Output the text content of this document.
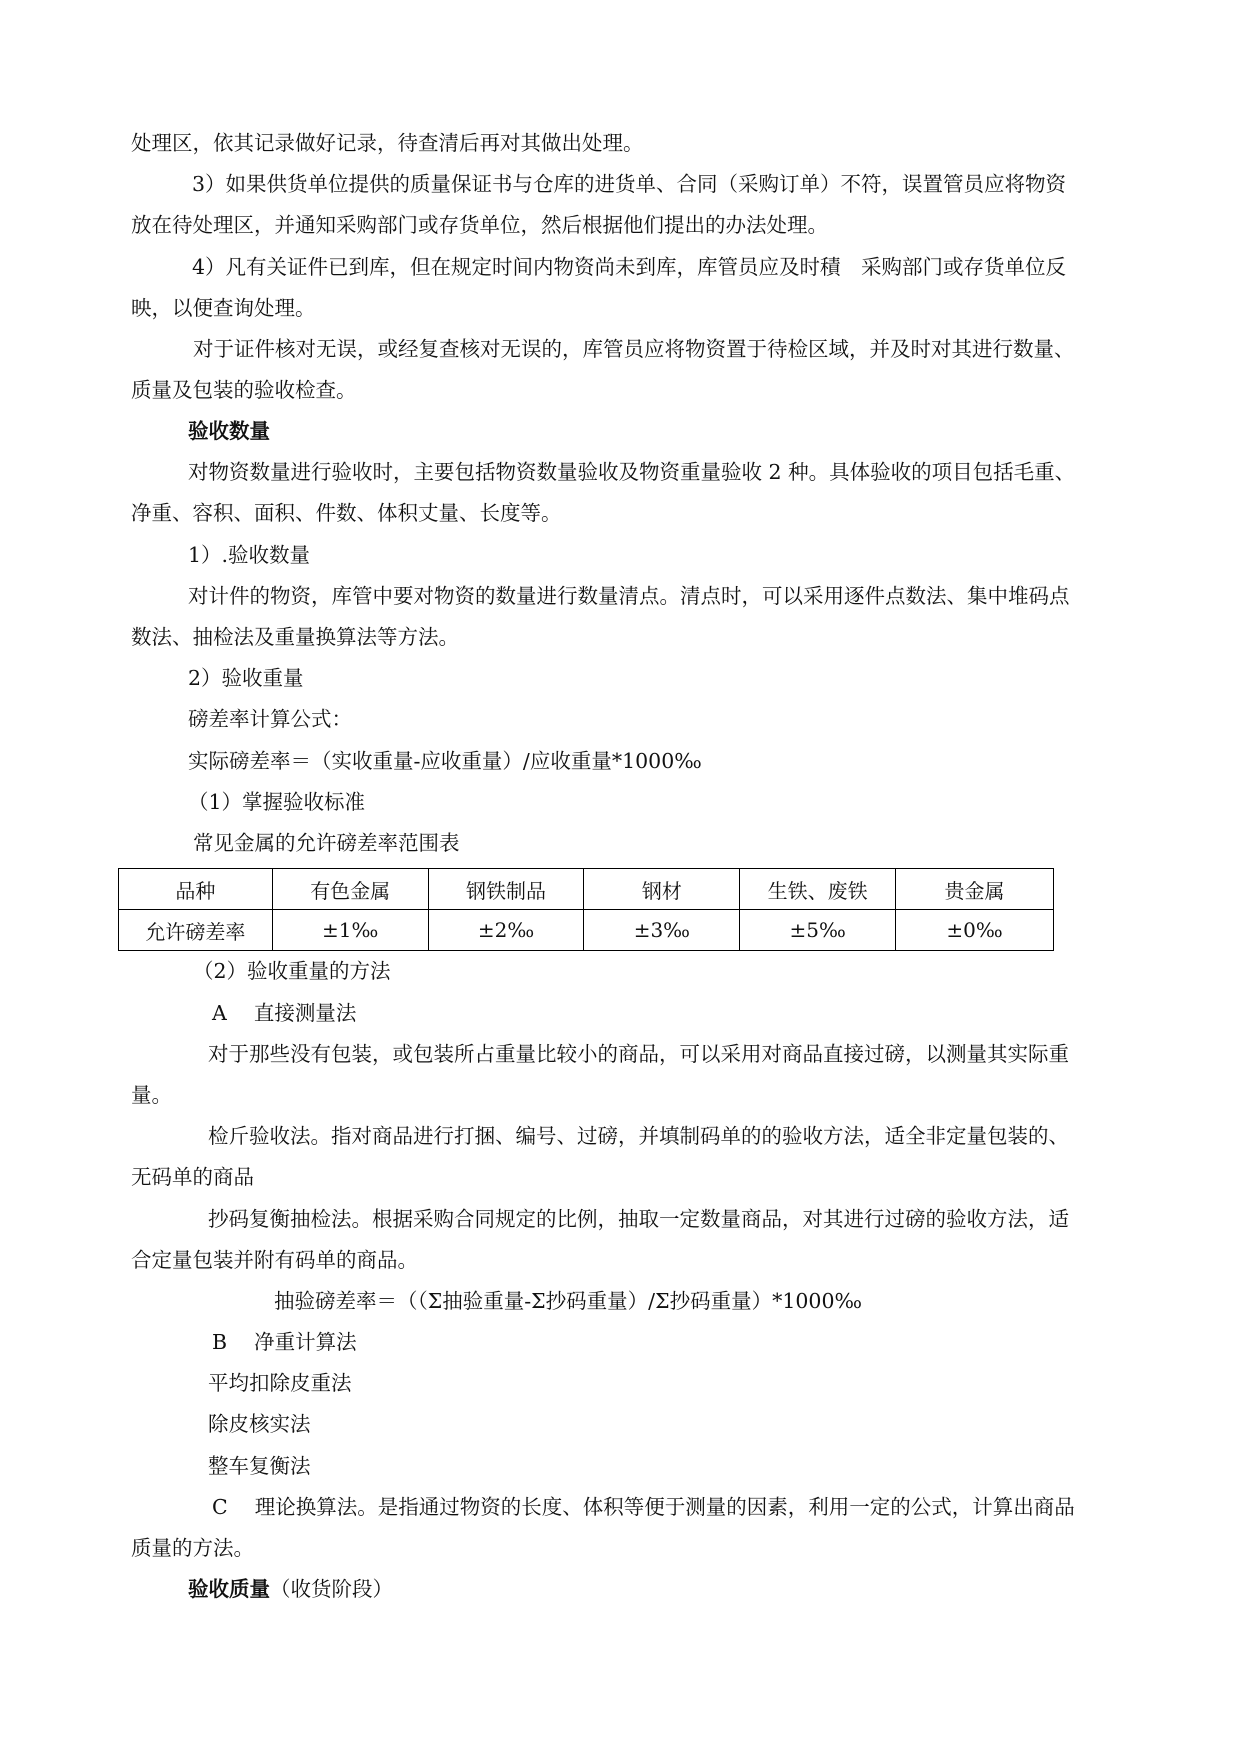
处理区，依其记录做好记录，待查清后再对其做出处理。
3）如果供货单位提供的质量保证书与仓库的进货单、合同（采购订单）不符，误置管员应将物资
放在待处理区，并通知采购部门或存货单位，然后根据他们提出的办法处理。
4）凡有关证件已到库，但在规定时间内物资尚未到库，库管员应及时積　采购部门或存货单位反
映，以便查询处理。
对于证件核对无误，或经复查核对无误的，库管员应将物资置于待检区域，并及时对其进行数量、
质量及包装的验收检查。
验收数量
对物资数量进行验收时，主要包括物资数量验收及物资重量验收 2 种。具体验收的项目包括毛重、
净重、容积、面积、件数、体积丈量、长度等。
1）.验收数量
对计件的物资，库管中要对物资的数量进行数量清点。清点时，可以采用逐件点数法、集中堆码点
数法、抽检法及重量换算法等方法。
2）验收重量
磅差率计算公式：
实际磅差率＝（实收重量-应收重量）/应收重量*1000‰
（1）掌握验收标准
常见金属的允许磅差率范围表
品种	有色金属	钢铁制品	钢材	生铁、废铁	贵金属
允许磅差率	±1‰	±2‰	±3‰	±5‰	±0‰
（2）验收重量的方法
A　 直接测量法
对于那些没有包装，或包装所占重量比较小的商品，可以采用对商品直接过磅，以测量其实际重
量。
检斤验收法。指对商品进行打捆、编号、过磅，并填制码单的的验收方法，适全非定量包装的、
无码单的商品
抄码复衡抽检法。根据采购合同规定的比例，抽取一定数量商品，对其进行过磅的验收方法，适
合定量包装并附有码单的商品。
抽验磅差率＝（（Σ抽验重量-Σ抄码重量）/Σ抄码重量）*1000‰
B　 净重计算法
平均扣除皮重法
除皮核实法
整车复衡法
C　 理论换算法。是指通过物资的长度、体积等便于测量的因素，利用一定的公式，计算出商品
质量的方法。
验收质量（收货阶段）
